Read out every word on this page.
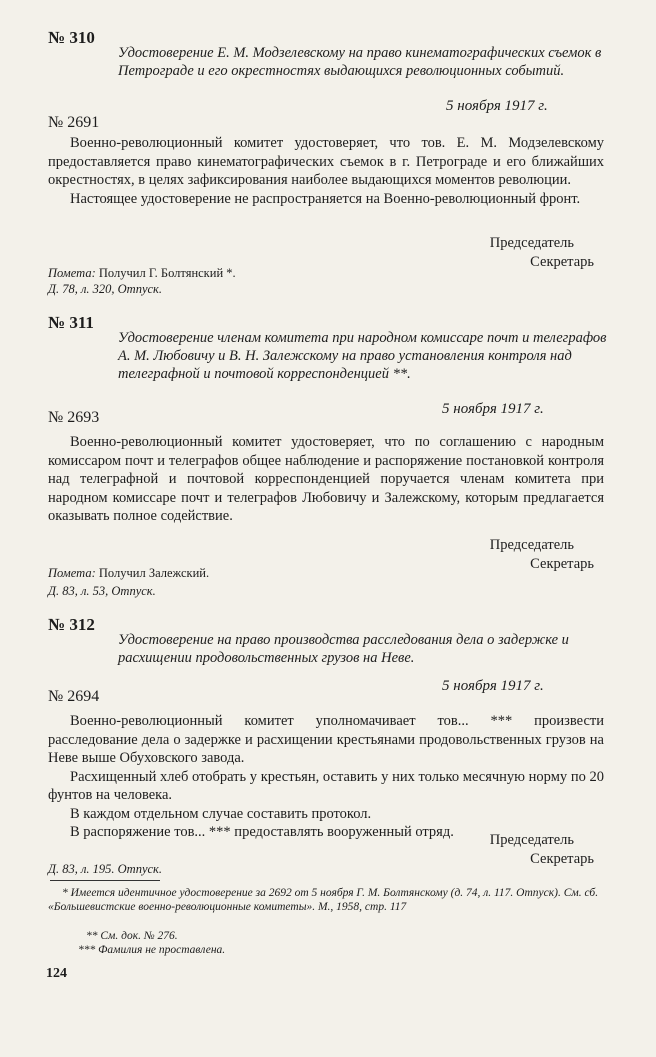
№ 310
Удостоверение Е. М. Модзелевскому на право кинематографических съемок в Петрограде и его окрестностях выдающихся революционных событий.
5 ноября 1917 г.
№ 2691

Военно-революционный комитет удостоверяет, что тов. Е. М. Модзелевскому предоставляется право кинематографических съемок в г. Петрограде и его ближайших окрестностях, в целях зафиксирования наиболее выдающихся моментов революции.

Настоящее удостоверение не распространяется на Военно-революционный фронт.

Председатель
Секретарь
Помета: Получил Г. Болтянский *.
Д. 78, л. 320, Отпуск.
№ 311
Удостоверение членам комитета при народном комиссаре почт и телеграфов А. М. Любовичу и В. Н. Залежскому на право установления контроля над телеграфной и почтовой корреспонденцией **.
5 ноября 1917 г.
№ 2693

Военно-революционный комитет удостоверяет, что по соглашению с народным комиссаром почт и телеграфов общее наблюдение и распоряжение постановкой контроля над телеграфной и почтовой корреспонденцией поручается членам комитета при народном комиссаре почт и телеграфов Любовичу и Залежскому, которым предлагается оказывать полное содействие.

Председатель
Секретарь
Помета: Получил Залежский.
Д. 83, л. 53, Отпуск.
№ 312
Удостоверение на право производства расследования дела о задержке и расхищении продовольственных грузов на Неве.
5 ноября 1917 г.
№ 2694

Военно-революционный комитет уполномачивает тов... *** произвести расследование дела о задержке и расхищении крестьянами продовольственных грузов на Неве выше Обуховского завода.

Расхищенный хлеб отобрать у крестьян, оставить у них только месячную норму по 20 фунтов на человека.

В каждом отдельном случае составить протокол.

В распоряжение тов... *** предоставлять вооруженный отряд.	Председатель
Секретарь
Д. 83, л. 195. Отпуск.
* Имеется идентичное удостоверение за 2692 от 5 ноября Г. М. Болтянскому (д. 74, л. 117. Отпуск). См. сб. «Большевистские военно-революционные комитеты». М., 1958, стр. 117
** См. док. № 276.
*** Фамилия не проставлена.
124
